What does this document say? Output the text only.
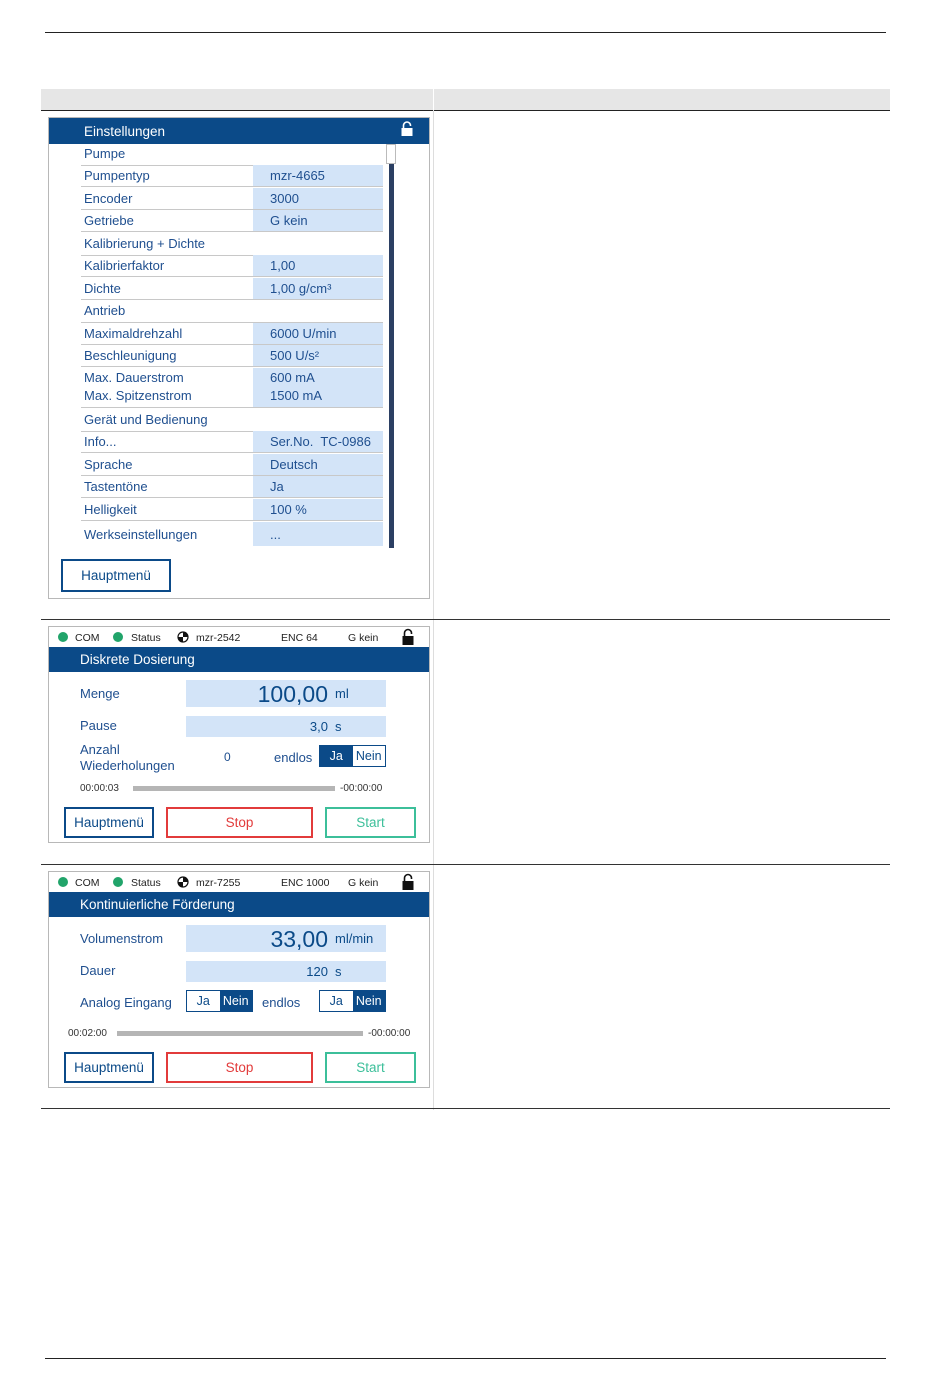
Einstellungen
Pumpe
Pumpentyp	mzr-4665
Encoder	3000
Getriebe	G kein
Kalibrierung + Dichte
Kalibrierfaktor	1,00
Dichte	1,00 g/cm³
Antrieb
Maximaldrehzahl	6000 U/min
Beschleunigung	500 U/s²
Max. Dauerstrom	600 mA
Max. Spitzenstrom	1500 mA
Gerät und Bedienung
Info...	Ser.No.  TC-0986
Sprache	Deutsch
Tastentöne	Ja
Helligkeit	100 %
Werkseinstellungen	...
Hauptmenü
COM	Status	mzr-2542	ENC 64	G kein
Diskrete Dosierung
Menge	100,00 ml
Pause	3,0 s
Anzahl
Wiederholungen
0	endlos	Ja	Nein
00:00:03	-00:00:00
Hauptmenü	Stop	Start
COM	Status	mzr-7255	ENC 1000 G kein
Kontinuierliche Förderung
Volumenstrom	33,00 ml/min
Dauer	120 s
Analog Eingang	Ja	Nein endlos	Ja	Nein
00:02:00	-00:00:00
Hauptmenü	Stop	Start
